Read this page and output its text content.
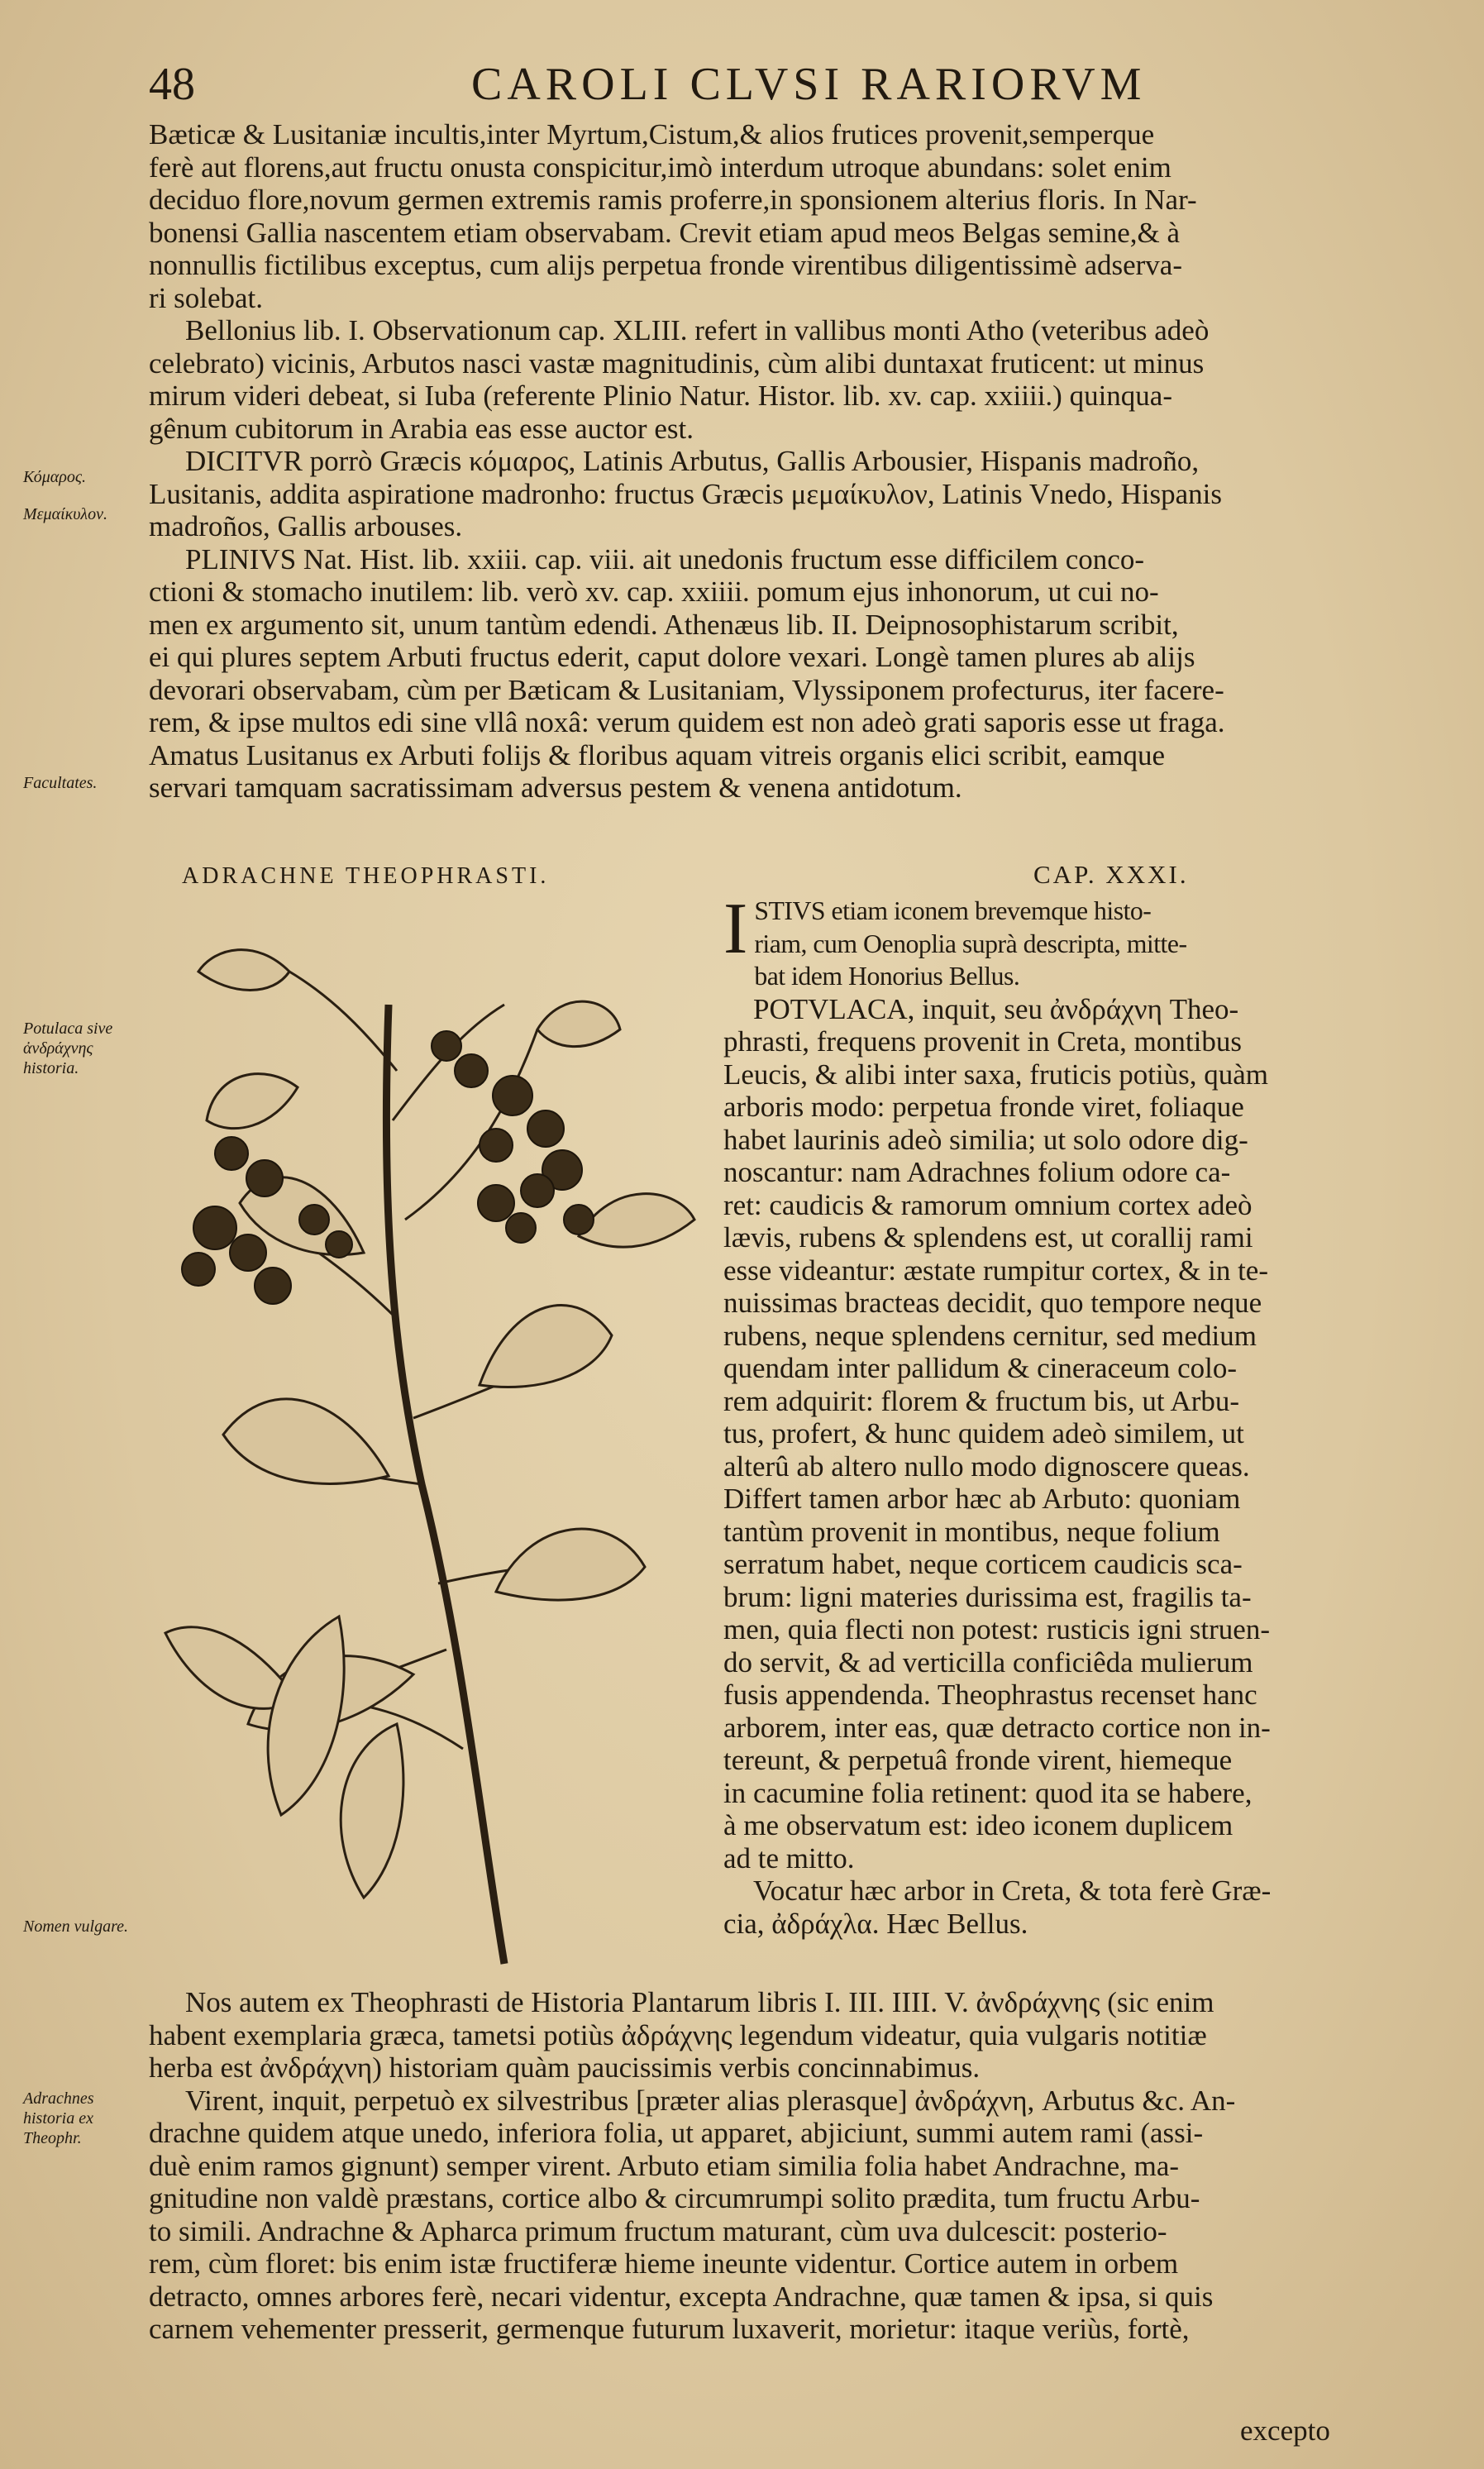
48	CAROLI CLVSI RARIORVM
Bæticæ & Lusitaniæ incultis,inter Myrtum,Cistum,& alios frutices provenit,semperque
ferè aut florens,aut fructu onusta conspicitur,imò interdum utroque abundans: solet enim
deciduo flore,novum germen extremis ramis proferre,in sponsionem alterius floris. In Nar-
bonensi Gallia nascentem etiam observabam. Crevit etiam apud meos Belgas semine,& à
nonnullis fictilibus exceptus, cum alijs perpetua fronde virentibus diligentissimè adserva-
ri solebat.
Bellonius lib. I. Observationum cap. XLIII. refert in vallibus monti Atho (veteribus adeò
celebrato) vicinis, Arbutos nasci vastæ magnitudinis, cùm alibi duntaxat fruticent: ut minus
mirum videri debeat, si Iuba (referente Plinio Natur. Histor. lib. xv. cap. xxiiii.) quinqua-
gênum cubitorum in Arabia eas esse auctor est.
DICITVR porrò Græcis κόμαρος, Latinis Arbutus, Gallis Arbousier, Hispanis madroño,
Lusitanis, addita aspiratione madronho: fructus Græcis μεμαίκυλον, Latinis Vnedo, Hispanis
madroños, Gallis arbouses.
PLINIVS Nat. Hist. lib. xxiii. cap. viii. ait unedonis fructum esse difficilem conco-
ctioni & stomacho inutilem: lib. verò xv. cap. xxiiii. pomum ejus inhonorum, ut cui no-
men ex argumento sit, unum tantùm edendi. Athenæus lib. II. Deipnosophistarum scribit,
ei qui plures septem Arbuti fructus ederit, caput dolore vexari. Longè tamen plures ab alijs
devorari observabam, cùm per Bæticam & Lusitaniam, Vlyssiponem profecturus, iter facere-
rem, & ipse multos edi sine vllâ noxâ: verum quidem est non adeò grati saporis esse ut fraga.
Amatus Lusitanus ex Arbuti folijs & floribus aquam vitreis organis elici scribit, eamque
servari tamquam sacratissimam adversus pestem & venena antidotum.
Κόμαρος.
Μεμαίκυλον.
Facultates.
Potulaca sive ἀνδράχνης historia.
Nomen vulgare.
Adrachnes historia ex Theophr.
ADRACHNE THEOPHRASTI.	CAP. XXXI.
I STIVS etiam iconem brevemque histo-
riam, cum Oenoplia suprà descripta, mitte-
bat idem Honorius Bellus.
POTVLACA, inquit, seu ἀνδράχνη Theo-
phrasti, frequens provenit in Creta, montibus
Leucis, & alibi inter saxa, fruticis potiùs, quàm
arboris modo: perpetua fronde viret, foliaque
habet laurinis adeò similia; ut solo odore dig-
noscantur: nam Adrachnes folium odore ca-
ret: caudicis & ramorum omnium cortex adeò
lævis, rubens & splendens est, ut corallij rami
esse videantur: æstate rumpitur cortex, & in te-
nuissimas bracteas decidit, quo tempore neque
rubens, neque splendens cernitur, sed medium
quendam inter pallidum & cineraceum colo-
rem adquirit: florem & fructum bis, ut Arbu-
tus, profert, & hunc quidem adeò similem, ut
alterû ab altero nullo modo dignoscere queas.
Differt tamen arbor hæc ab Arbuto: quoniam
tantùm provenit in montibus, neque folium
serratum habet, neque corticem caudicis sca-
brum: ligni materies durissima est, fragilis ta-
men, quia flecti non potest: rusticis igni struen-
do servit, & ad verticilla conficiêda mulierum
fusis appendenda. Theophrastus recenset hanc
arborem, inter eas, quæ detracto cortice non in-
tereunt, & perpetuâ fronde virent, hiemeque
in cacumine folia retinent: quod ita se habere,
à me observatum est: ideo iconem duplicem
ad te mitto.
Vocatur hæc arbor in Creta, & tota ferè Græ-
cia, ἀδράχλα. Hæc Bellus.
Nos autem ex Theophrasti de Historia Plantarum libris I. III. IIII. V. ἀνδράχνης (sic enim
habent exemplaria græca, tametsi potiùs ἀδράχνης legendum videatur, quia vulgaris notitiæ
herba est ἀνδράχνη) historiam quàm paucissimis verbis concinnabimus.
Virent, inquit, perpetuò ex silvestribus [præter alias plerasque] ἀνδράχνη, Arbutus &c. An-
drachne quidem atque unedo, inferiora folia, ut apparet, abjiciunt, summi autem rami (assi-
duè enim ramos gignunt) semper virent. Arbuto etiam similia folia habet Andrachne, ma-
gnitudine non valdè præstans, cortice albo & circumrumpi solito prædita, tum fructu Arbu-
to simili. Andrachne & Apharca primum fructum maturant, cùm uva dulcescit: posterio-
rem, cùm floret: bis enim istæ fructiferæ hieme ineunte videntur. Cortice autem in orbem
detracto, omnes arbores ferè, necari videntur, excepta Andrachne, quæ tamen & ipsa, si quis
carnem vehementer presserit, germenque futurum luxaverit, morietur: itaque veriùs, fortè,
excepto
